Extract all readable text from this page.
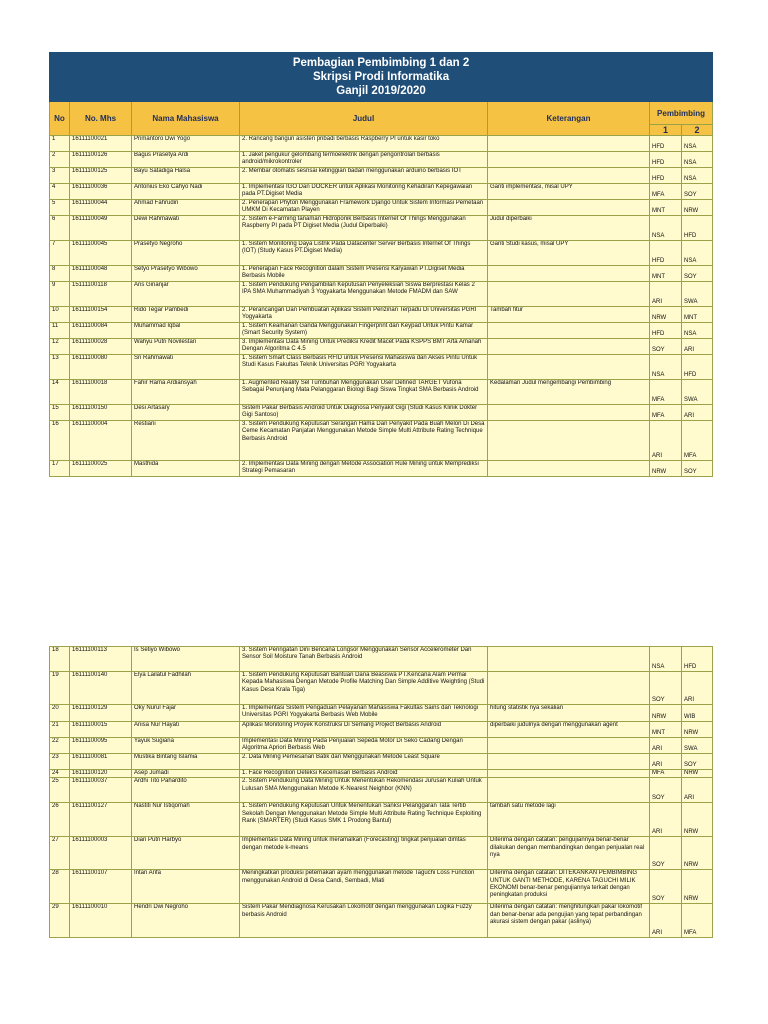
Pembagian Pembimbing 1 dan 2
Skripsi Prodi Informatika
Ganjil 2019/2020						

No	No. Mhs	Nama Mahasiswa	Judul	Keterangan	Pembimbing	
					1	2
1	16111100021	Primantoro Dwi Yogo	2. Rancang bangun asisten pribadi berbasis Raspberry PI untuk kasir toko		HFD	NSA
2	16111100126	Bagus Prasetya Ardi	1. Jaket pengukur gelombang termoelektrik dengan pengontrolan berbasis android/mikrokontroler		HFD	NSA
3	16111100125	Bayu Satadiga Halsa	2. Membar otomatis sesnsai ketinggian badan menggunakan arduino berbasis IOT		HFD	NSA
4	16111100036	Antonius Eko Cahyo Nadi	1. Implementasi IGO Dan DOCKER untuk Aplikasi Monitoring Kehadiran Kepegawaian pada PT.Digiset Media	Ganti implementasi, misal UPY	MFA	SOY
5	16111100044	Ahmad Fahrudin	2. Penerapan Phyton Menggunakan Framework Django Untuk Sistem Informasi Pemetaan UMKM Di Kecamatan Playen		MNT	NRW
6	16111100049	Dewi Rahmawati	2. Sistem e-Farming tanaman Hidroponik Berbasis Internet Of Things Menggunakan Raspberry PI pada PT Digiset Media (Judul Diperbaiki)	Judul diperbaiki	NSA	HFD
7	16111100045	Prasetyo Negroho	1. Sistem Monitoring Daya Listrik Pada Datacenter Server Berbasis Internet Of Things (IOT) (Study Kasus PT.Digiset Media)	Ganti Studi kasus, misal UPY	HFD	NSA
8	16111100048	Setyo Prasetyo Wibowo	1. Penerapan Face Recognition dalam Sistem Presensi Karyawan PT.Digiset Media Berbasis Mobile		MNT	SOY
9	15111100118	Aris Ginanjar	1. Sistem Pendukung Pengambilan Keputusan Penyeleksian Siswa Berprestasi Kelas 2 IPA SMA Muhammadiyah 3 Yogyakarta Menggunakan Metode FMADM dan SAW		ARI	SWA
10	16111100154	Rido Tegar Pambedi	2. Perancangan Dan Pembuatan Aplikasi Sistem Perizinan Terpadu Di Universitas PGRI Yogyakarta	Tambah fitur	NRW	MNT
11	16111100084	Muhammad Iqbal	1. Sistem Keamanan Ganda Menggunakan Fingerprint dan Keypad Untuk Pintu Kamar (Smart Security System)		HFD	NSA
12	16111100028	Wahyu Putri Novilestari	3. Implementasi Data Mining Untuk Prediksi Kredit Macet Pada KSPPS BMT Arta Amanah Dengan Algoritma C 4.5		SOY	ARI
13	16111100080	Sri Rahmawati	1. Sistem Smart Class Berbasis RFID untuk Presensi Mahasiswa dan Akses Pintu Untuk Studi Kasus Fakultas Teknik Universitas PGRI Yogyakarta		NSA	HFD
14	16111100018	Fahir Rama Ardiansyah	1. Augmented Reality Sel Tumbuhan Menggunakan User Defined TARGET Vuforia Sebagai Penunjang Mata Pelanggaran Biologi Bagi Siswa Tingkat SMA Berbasis Android	Kedalaman Judul mengembangi Pembimbing	MFA	SWA
15	16111100150	Desi Artasary	Sistem Pakar Berbasis Android Untuk Diagnosa Penyakit Gigi (Studi Kasus Klinik Dokter Gigi Santoso)		MFA	ARI
16	16111100004	Restiani	3. Sistem Pendukung Keputusan Serangan Hama Dan Penyakit Pada Buah Melon Di Desa Ceme Kecamatan Panjatan Menggunakan Metode Simple Multi Attribute Rating Technique Berbasis Android		ARI	MFA
17	16111100025	Masthida	2. Implementasi Data Mining dengan Metode Association Rule Mining untuk Memprediksi Strategi Pemasaran		NRW	SOY
18	16111100113	Is Setiyo Wibowo	3. Sistem Peringatan Dini Bencana Longsor Menggunakan Sensor Accelerometer Dan Sensor Soil Moisture Tanah Berbasis Android		NSA	HFD
19	16111100140	Elya Lailatul Fadhilah	1. Sistem Pendukung Keputusan Bantuan Dana Beasiswa PT.Kencana Alam Permai Kepada Mahasiswa Dengan Metode Profile Matching Dan Simple Additive Weighting (Studi Kasus Desa Krala Tiga)		SOY	ARI
20	16111100129	Oky Nurul Fajar	1. Implementasi Sistem Pengaduan Pelayanan Mahasiswa Fakultas Sains dan Teknologi Universitas PGRI Yogyakarta Berbasis Web Mobile	hitung statistik nya sekalian	NRW	WIB
21	16111100015	Anisa Nur Hayati	Aplikasi Monitoring Proyek Konstruksi Di Semang Project Berbasis Android	diperbaiki judulnya dengan menggunakan agent	MNT	NRW
22	16111100095	Yayuk Sugiana	Implementasi Data Mining Pada Penjualan Sepeda Motor Di Seko Cadang Dengan Algoritma Apriori Berbasis Web		ARI	SWA
23	16111100081	Mustika Bintang Islamia	2. Data Mining Pemesanan Batik dan Menggunakan Metode Least Square		ARI	SOY
24	16111100120	Asep Jumadi	1. Face Recognition Deteksi Kecemasan Berbasis Android		MFA	NRW
25	16111100037	Ardhi Tito Pahardito	2. Sistem Pendukung Data Mining Untuk Menentukan Rekomendasi Jurusan Kuliah Untuk Lulusan SMA Menggunakan Metode K-Nearest Neighbor (KNN)		SOY	ARI
26	16111100127	Nastiti Nur Istiqomah	1. Sistem Pendukung Keputusan Untuk Menentukan Sanksi Pelanggaran Tata Tertib Sekolah Dengan Menggunakan Metode Simple Multi Attribute Rating Technique Exploiting Rank (SMARTER) (Studi Kasus SMK 1 Prodong Bantul)	tambah satu metode lagi	ARI	NRW
27	16111100003	Dian Putri Harbyo	Implementasi Data Mining untuk meramalkan (Forecasting) tingkat penjualan dimtas dengan metode k-means	Diterima dengan catatan: pengujiannya benar-benar dilakukan dengan membandingkan dengan penjualan real nya	SOY	NRW
28	16111100107	Intan Arifa	Meningkatkan produksi peternakan ayam menggunakan metode Taguchi Loss Function menggunakan Android di Desa Candi, Sembadi, Mlati	Diterima dengan catatan: DITEKANKAN PEMBIMBING UNTUK GANTI METHODE, KARENA TAGUCHI MILIK EKONOMI benar-benar pengujiannya terkait dengan peningkatan produksi	SOY	NRW
29	16111100010	Hendri Dwi Negroho	Sistem Pakar Mendiagnosa Kerusakan Lokomotif dengan menggunakan Logika Fuzzy berbasis Android	Diterima dengan catatan: menghitungkan pakar lokomotif dan benar-benar ada pengujian yang tepat perbandingan akurasi sistem dengan pakar (aslinya)	ARI	MFA
